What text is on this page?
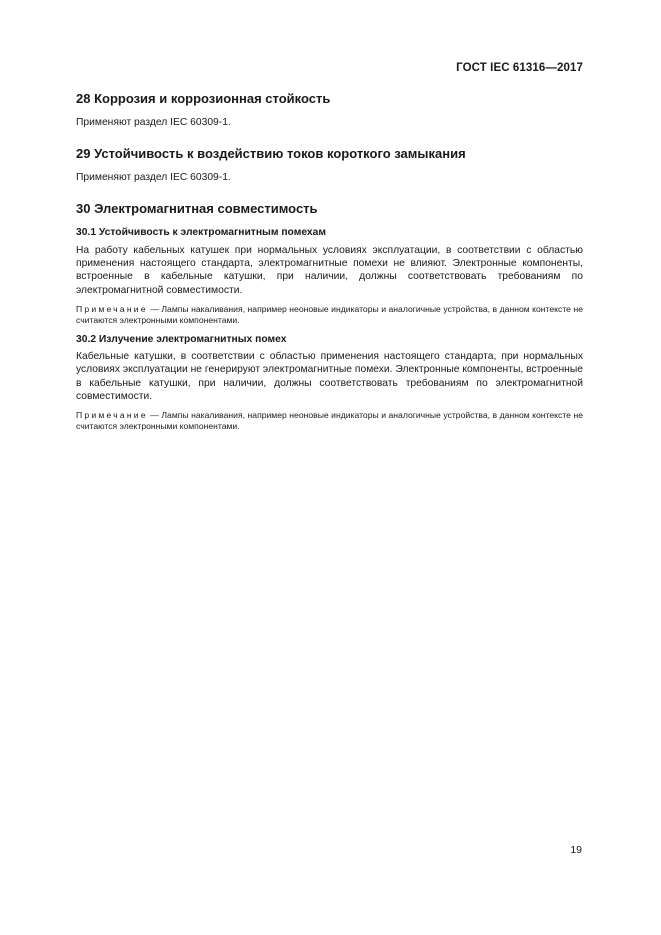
ГОСТ IEC 61316—2017
28 Коррозия и коррозионная стойкость

Применяют раздел IEC 60309-1.

29 Устойчивость к воздействию токов короткого замыкания

Применяют раздел IEC 60309-1.

30 Электромагнитная совместимость

30.1 Устойчивость к электромагнитным помехам

На работу кабельных катушек при нормальных условиях эксплуатации, в соответствии с областью применения настоящего стандарта, электромагнитные помехи не влияют. Электронные компоненты, встроенные в кабельные катушки, при наличии, должны соответствовать требованиям по электромагнитной совместимости.

Примечание — Лампы накаливания, например неоновые индикаторы и аналогичные устройства, в данном контексте не считаются электронными компонентами.

30.2 Излучение электромагнитных помех

Кабельные катушки, в соответствии с областью применения настоящего стандарта, при нормальных условиях эксплуатации не генерируют электромагнитные помехи. Электронные компоненты, встроенные в кабельные катушки, при наличии, должны соответствовать требованиям по электромагнитной совместимости.

Примечание — Лампы накаливания, например неоновые индикаторы и аналогичные устройства, в данном контексте не считаются электронными компонентами.

19
